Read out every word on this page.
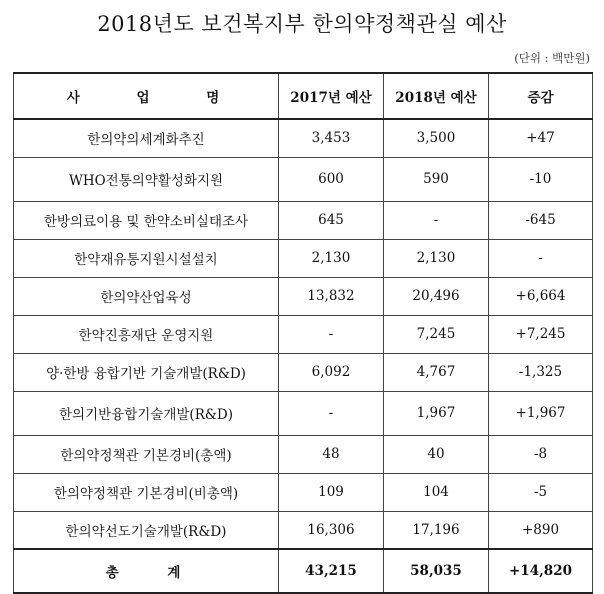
2018년도 보건복지부 한의약정책관실 예산
(단위 : 백만원)
사 업 명	2017년 예산	2018년 예산	증감
한의약의세계화추진	3,453	3,500	+47
WHO전통의약활성화지원	600	590	-10
한방의료이용 및 한약소비실태조사	645	-	-645
한약재유통지원시설설치	2,130	2,130	-
한의약산업육성	13,832	20,496	+6,664
한약진흥재단 운영지원	-	7,245	+7,245
양·한방 융합기반 기술개발(R&D)	6,092	4,767	-1,325
한의기반융합기술개발(R&D)	-	1,967	+1,967
한의약정책관 기본경비(총액)	48	40	-8
한의약정책관 기본경비(비총액)	109	104	-5
한의약선도기술개발(R&D)	16,306	17,196	+890
총 계	43,215	58,035	+14,820
